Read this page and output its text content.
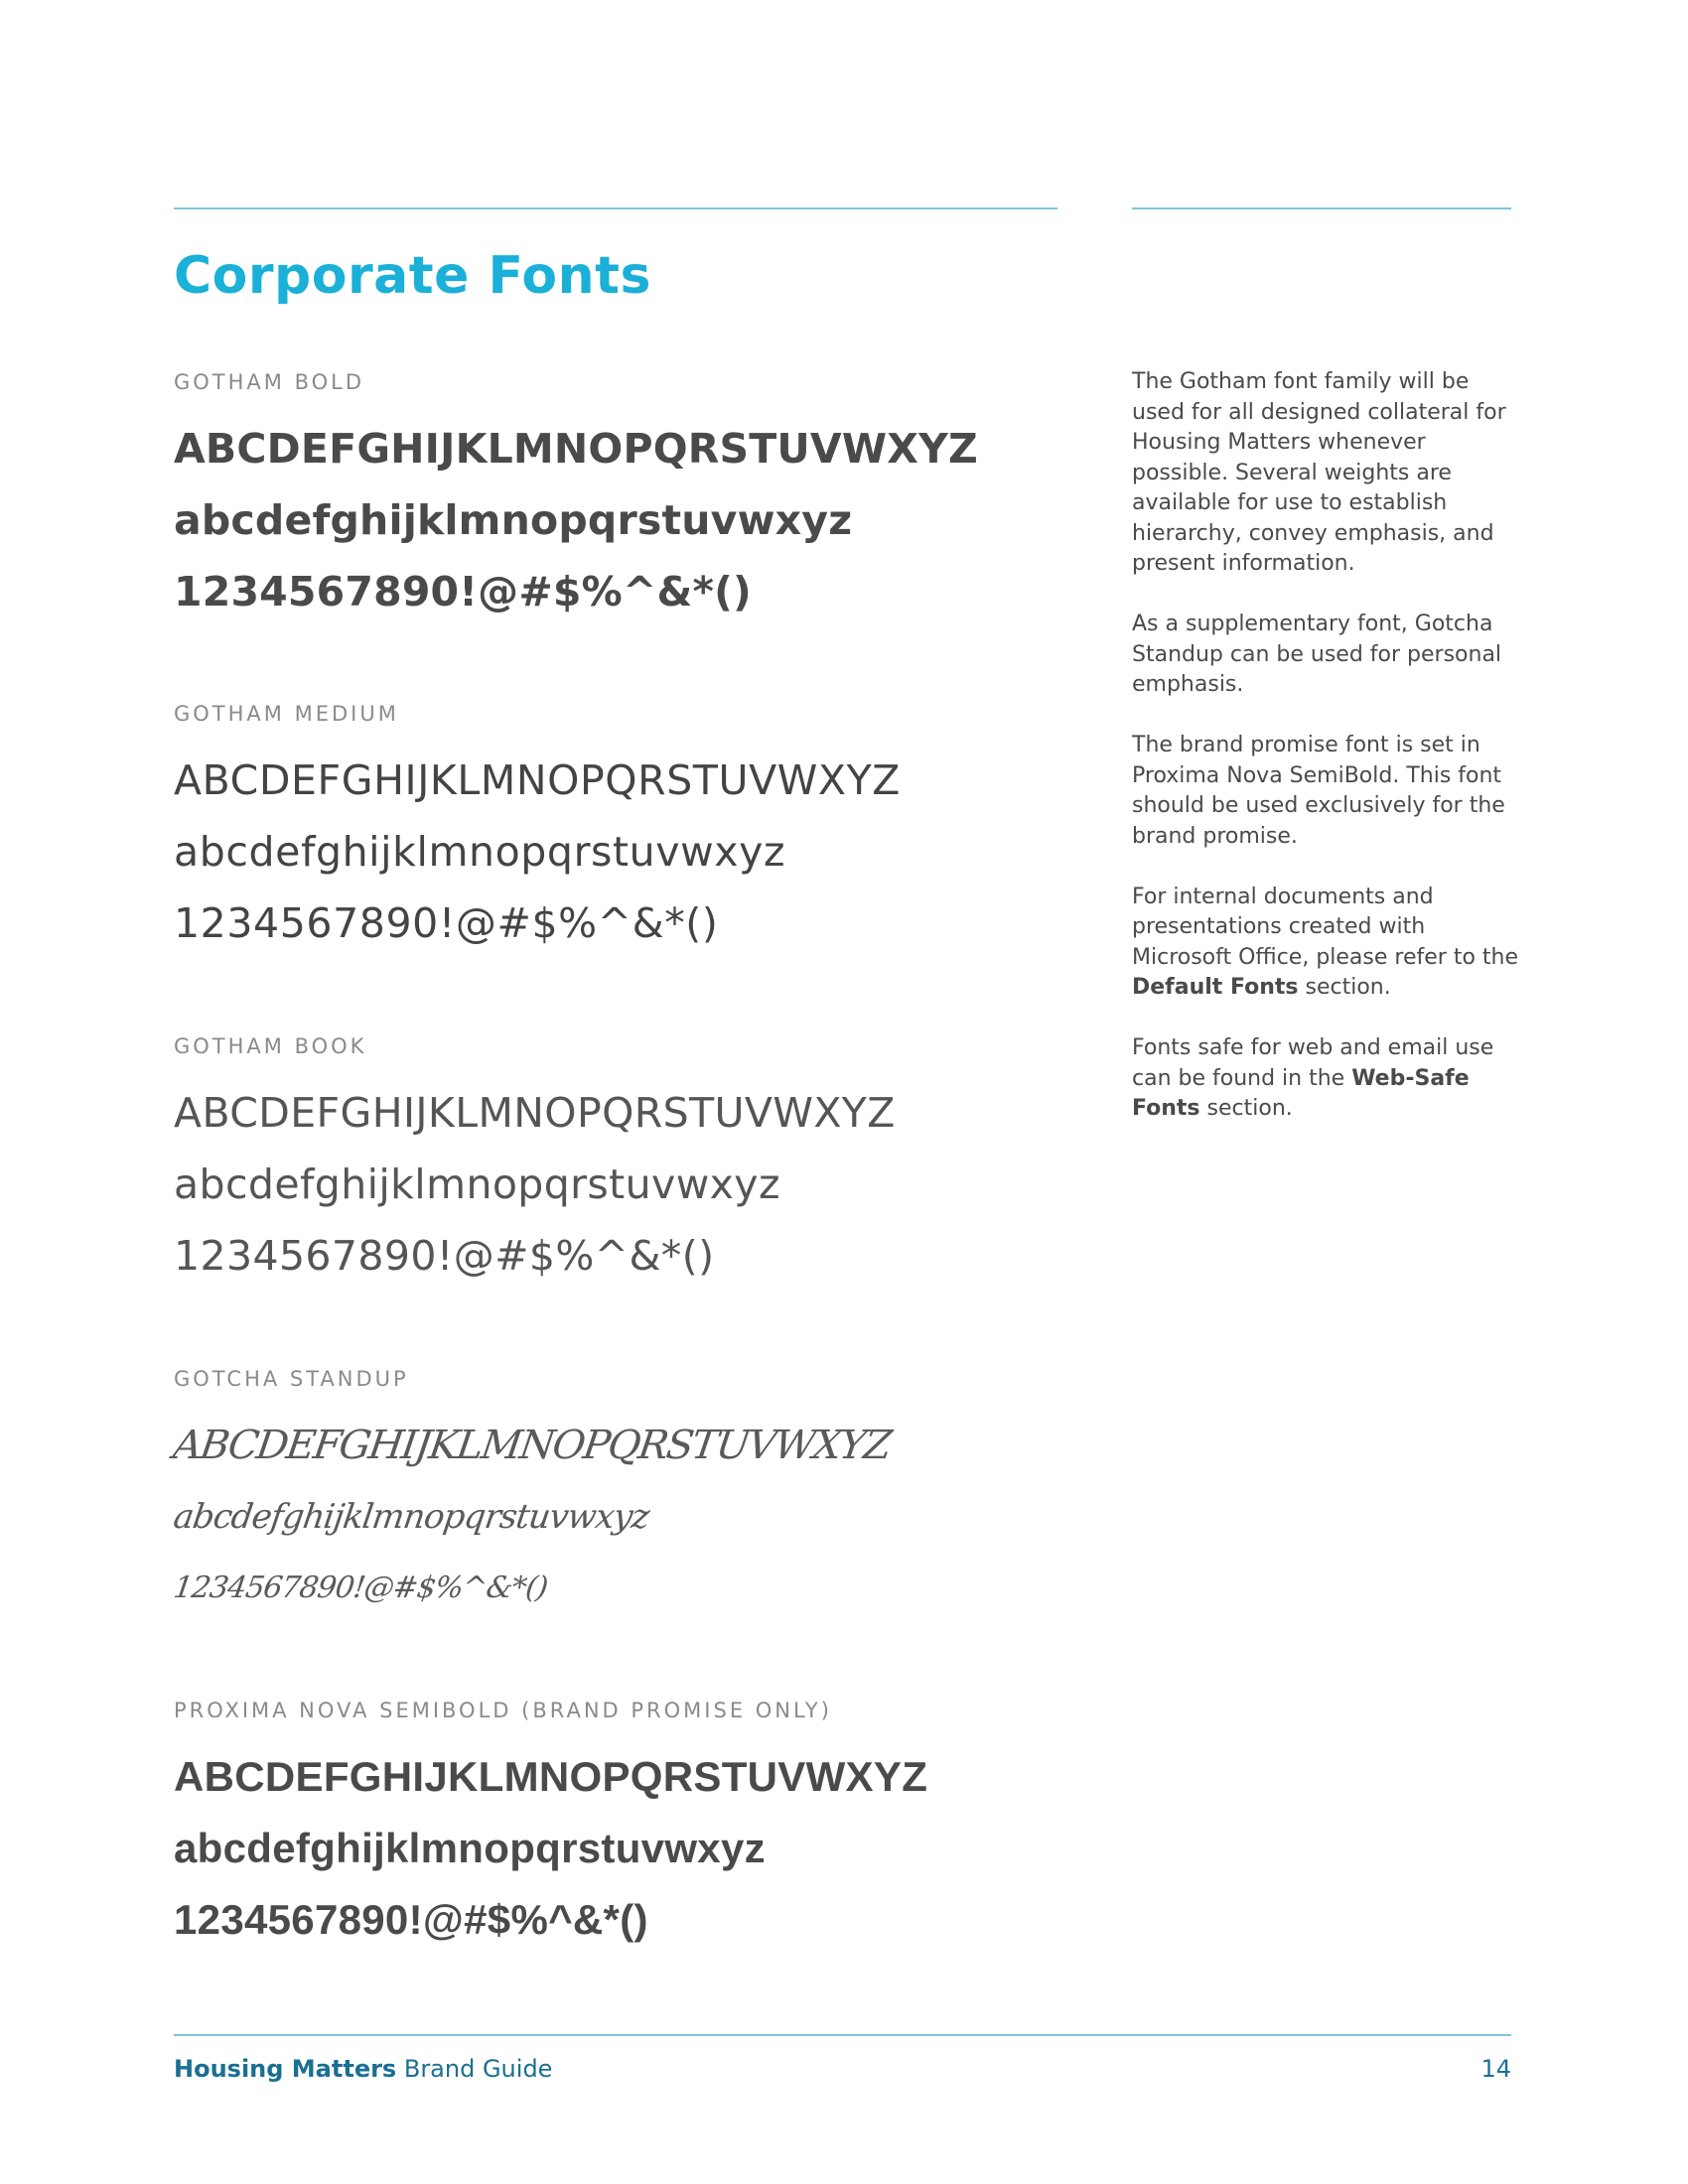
Corporate Fonts
GOTHAM BOLD
ABCDEFGHIJKLMNOPQRSTUVWXYZ
abcdefghijklmnopqrstuvwxyz
1234567890!@#$%^&*()
GOTHAM MEDIUM
ABCDEFGHIJKLMNOPQRSTUVWXYZ
abcdefghijklmnopqrstuvwxyz
1234567890!@#$%^&*()
GOTHAM BOOK
ABCDEFGHIJKLMNOPQRSTUVWXYZ
abcdefghijklmnopqrstuvwxyz
1234567890!@#$%^&*()
GOTCHA STANDUP
ABCDEFGHIJKLMNOPQRSTUVWXYZ
abcdefghijklmnopqrstuvwxyz
1234567890!@#$%^&*()
PROXIMA NOVA SEMIBOLD (BRAND PROMISE ONLY)
ABCDEFGHIJKLMNOPQRSTUVWXYZ
abcdefghijklmnopqrstuvwxyz
1234567890!@#$%^&*()

The Gotham font family will be used for all designed collateral for Housing Matters whenever possible. Several weights are available for use to establish hierarchy, convey emphasis, and present information.

As a supplementary font, Gotcha Standup can be used for personal emphasis.

The brand promise font is set in Proxima Nova SemiBold. This font should be used exclusively for the brand promise.

For internal documents and presentations created with Microsoft Office, please refer to the Default Fonts section.

Fonts safe for web and email use can be found in the Web-Safe Fonts section.

Housing Matters Brand Guide	14
